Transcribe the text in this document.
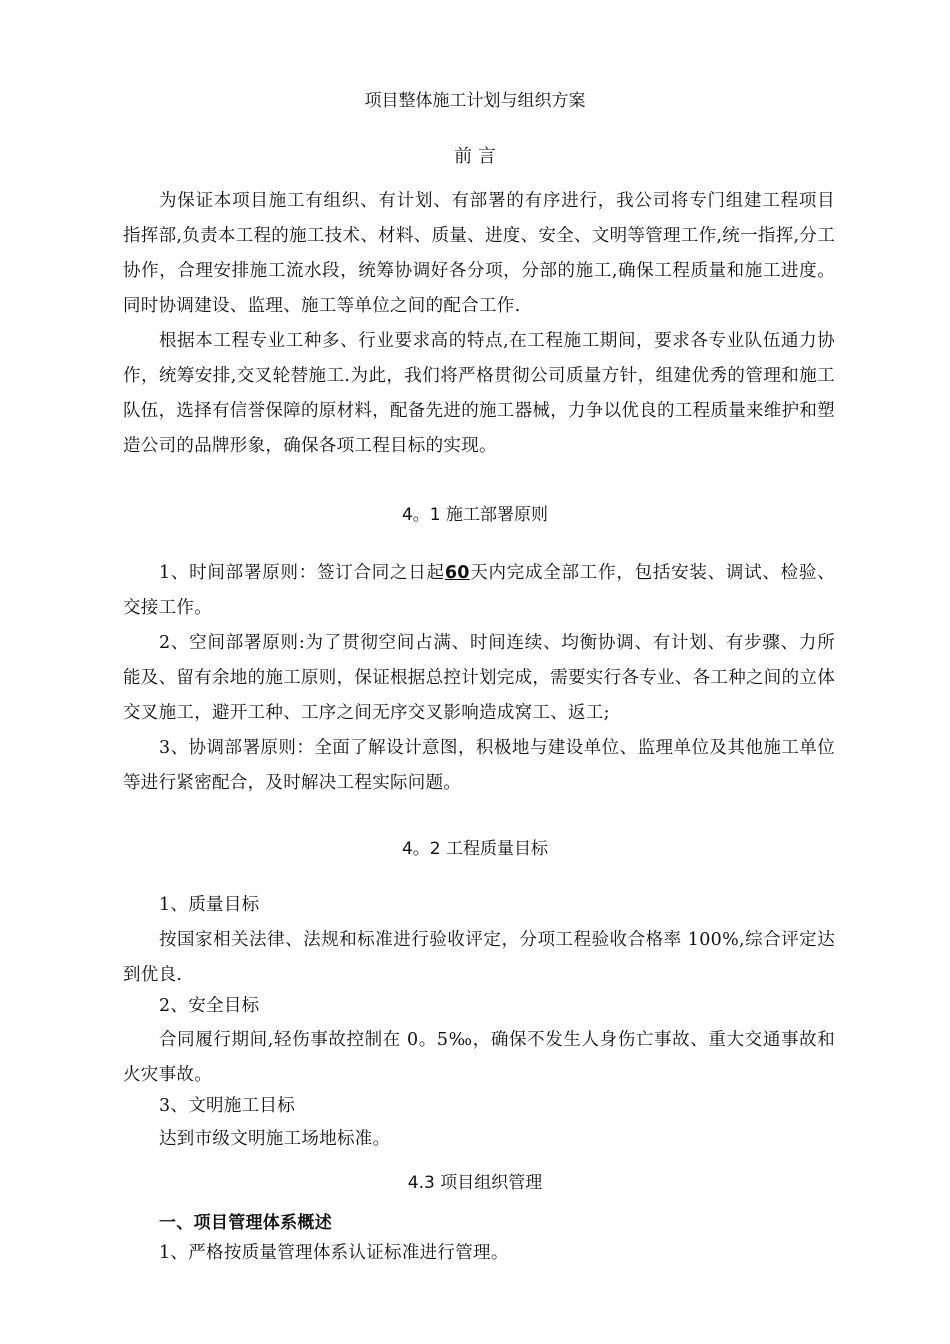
项目整体施工计划与组织方案
前 言
为保证本项目施工有组织、有计划、有部署的有序进行，我公司将专门组建工程项目指挥部,负责本工程的施工技术、材料、质量、进度、安全、文明等管理工作,统一指挥,分工协作，合理安排施工流水段，统筹协调好各分项，分部的施工,确保工程质量和施工进度。同时协调建设、监理、施工等单位之间的配合工作.
根据本工程专业工种多、行业要求高的特点,在工程施工期间，要求各专业队伍通力协作，统筹安排,交叉轮替施工.为此，我们将严格贯彻公司质量方针，组建优秀的管理和施工队伍，选择有信誉保障的原材料，配备先进的施工器械，力争以优良的工程质量来维护和塑造公司的品牌形象，确保各项工程目标的实现。
4。1 施工部署原则
1、时间部署原则：签订合同之日起60天内完成全部工作，包括安装、调试、检验、交接工作。
2、空间部署原则:为了贯彻空间占满、时间连续、均衡协调、有计划、有步骤、力所能及、留有余地的施工原则，保证根据总控计划完成，需要实行各专业、各工种之间的立体交叉施工，避开工种、工序之间无序交叉影响造成窝工、返工;
3、协调部署原则：全面了解设计意图，积极地与建设单位、监理单位及其他施工单位等进行紧密配合，及时解决工程实际问题。
4。2 工程质量目标
1、质量目标
按国家相关法律、法规和标准进行验收评定，分项工程验收合格率 100%,综合评定达到优良.
2、安全目标
合同履行期间,轻伤事故控制在 0。5‰，确保不发生人身伤亡事故、重大交通事故和火灾事故。
3、文明施工目标
达到市级文明施工场地标准。
4.3 项目组织管理
一、项目管理体系概述
1、严格按质量管理体系认证标准进行管理。
